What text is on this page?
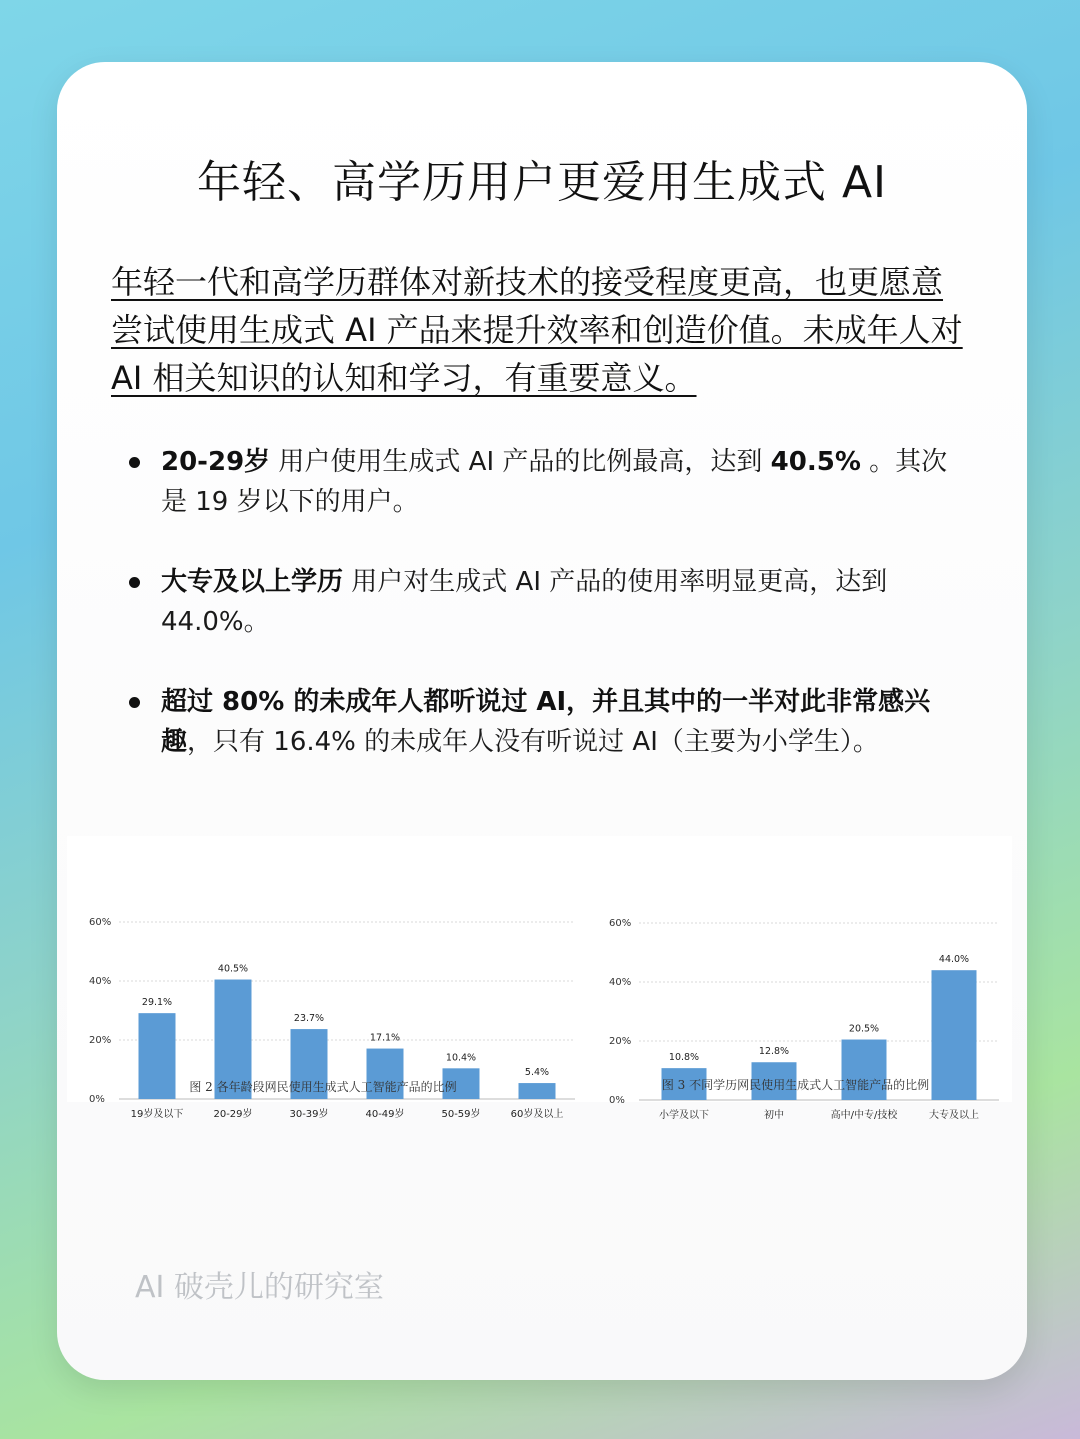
年轻、高学历用户更爱用生成式 AI

年轻一代和高学历群体对新技术的接受程度更高，也更愿意尝试使用生成式 AI 产品来提升效率和创造价值。未成年人对 AI 相关知识的认知和学习，有重要意义。

20-29岁 用户使用生成式 AI 产品的比例最高，达到 40.5% 。其次是 19 岁以下的用户。
大专及以上学历 用户对生成式 AI 产品的使用率明显更高，达到 44.0%。
超过 80% 的未成年人都听说过 AI，并且其中的一半对此非常感兴趣，只有 16.4% 的未成年人没有听说过 AI（主要为小学生）。
0%
20%
40%
60%
29.1%
19岁及以下
40.5%
20-29岁
23.7%
30-39岁
17.1%
40-49岁
10.4%
50-59岁
5.4%
60岁及以上
图 2 各年龄段网民使用生成式人工智能产品的比例
0%
20%
40%
60%
10.8%
小学及以下
12.8%
初中
20.5%
高中/中专/技校
44.0%
大专及以上
图 3 不同学历网民使用生成式人工智能产品的比例

AI 破壳儿的研究室
